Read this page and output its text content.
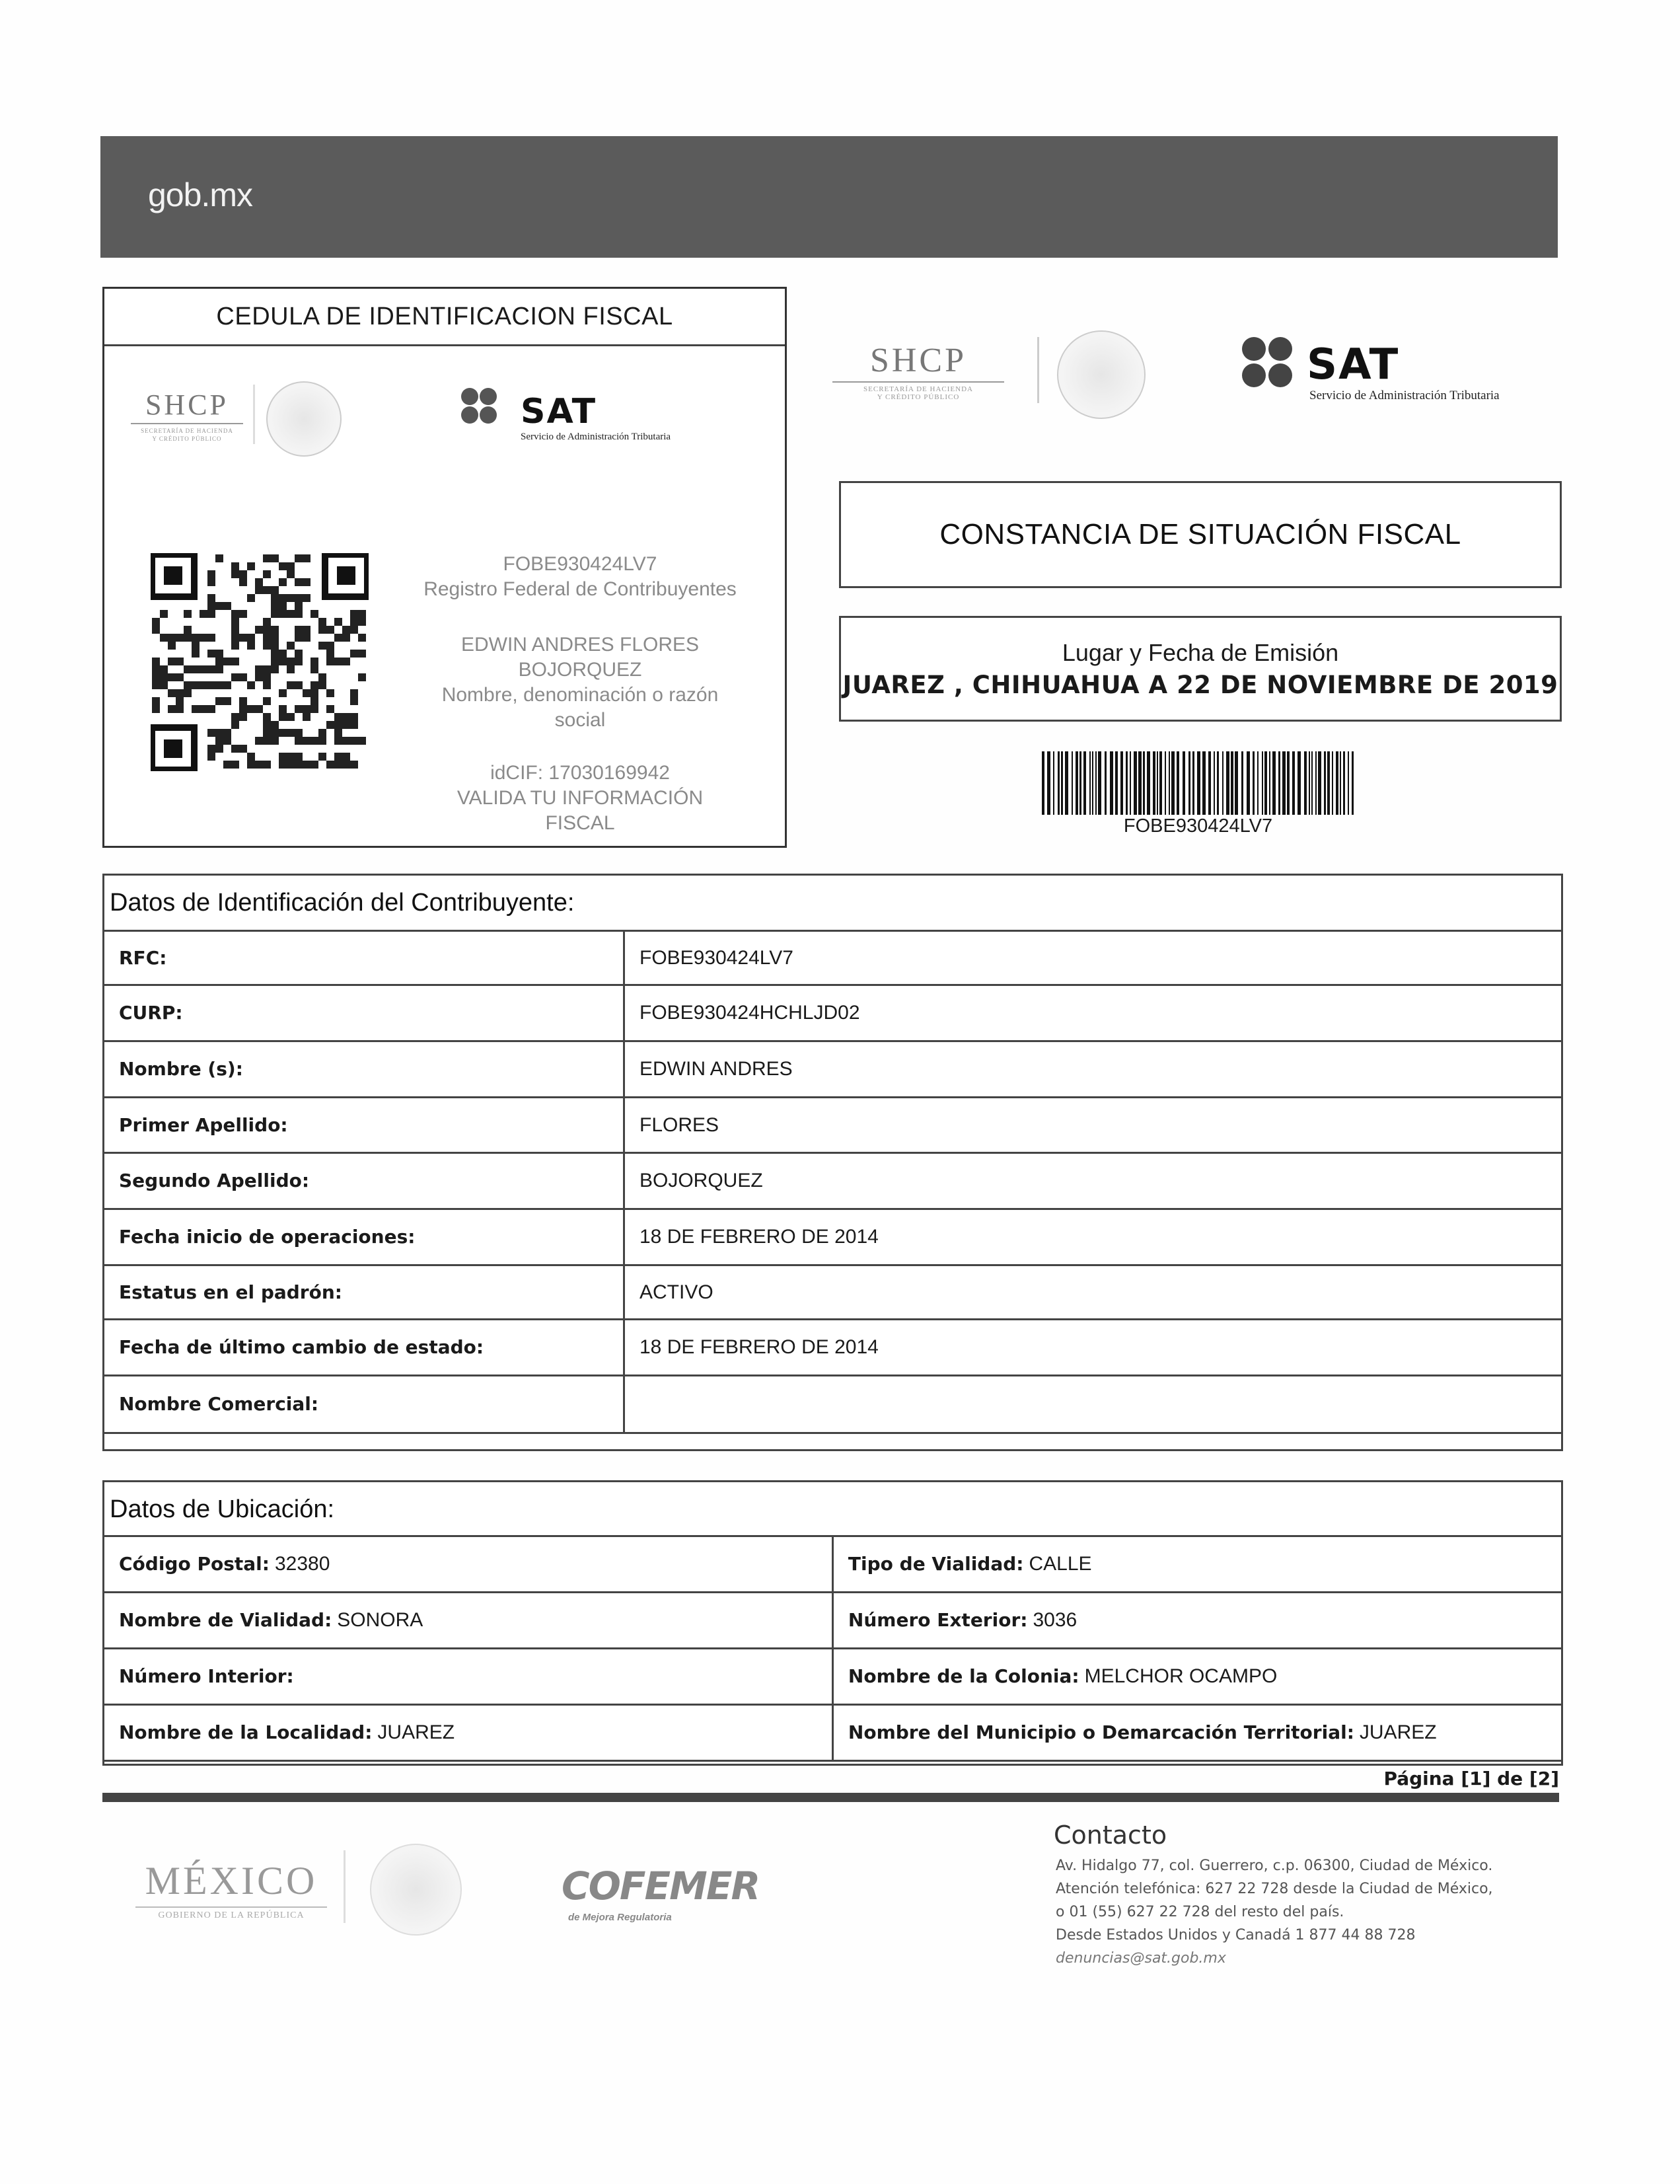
gob.mx
CEDULA DE IDENTIFICACION FISCAL
SHCP
SECRETARÍA DE HACIENDA
Y CRÉDITO PÚBLICO
SAT
Servicio de Administración Tributaria
FOBE930424LV7
Registro Federal de Contribuyentes
EDWIN ANDRES FLORES
BOJORQUEZ
Nombre, denominación o razón
social
idCIF: 17030169942
VALIDA TU INFORMACIÓN
FISCAL
SHCP
SECRETARÍA DE HACIENDA
Y CRÉDITO PÚBLICO
SAT
Servicio de Administración Tributaria
CONSTANCIA DE SITUACIÓN FISCAL
Lugar y Fecha de Emisión
JUAREZ , CHIHUAHUA A 22 DE NOVIEMBRE DE 2019
FOBE930424LV7
Datos de Identificación del Contribuyente:
RFC:	FOBE930424LV7
CURP:	FOBE930424HCHLJD02
Nombre (s):	EDWIN ANDRES
Primer Apellido:	FLORES
Segundo Apellido:	BOJORQUEZ
Fecha inicio de operaciones:	18 DE FEBRERO DE 2014
Estatus en el padrón:	ACTIVO
Fecha de último cambio de estado:	18 DE FEBRERO DE 2014
Nombre Comercial:	
Datos de Ubicación:
Código Postal: 32380	Tipo de Vialidad: CALLE
Nombre de Vialidad: SONORA	Número Exterior: 3036
Número Interior:	Nombre de la Colonia: MELCHOR OCAMPO
Nombre de la Localidad: JUAREZ	Nombre del Municipio o Demarcación Territorial: JUAREZ
Página [1] de [2]
MÉXICO
GOBIERNO DE LA REPÚBLICA
COFEMER
de Mejora Regulatoria
Contacto
Av. Hidalgo 77, col. Guerrero, c.p. 06300, Ciudad de México.
Atención telefónica: 627 22 728 desde la Ciudad de México,
o 01 (55) 627 22 728 del resto del país.
Desde Estados Unidos y Canadá 1 877 44 88 728
denuncias@sat.gob.mx
